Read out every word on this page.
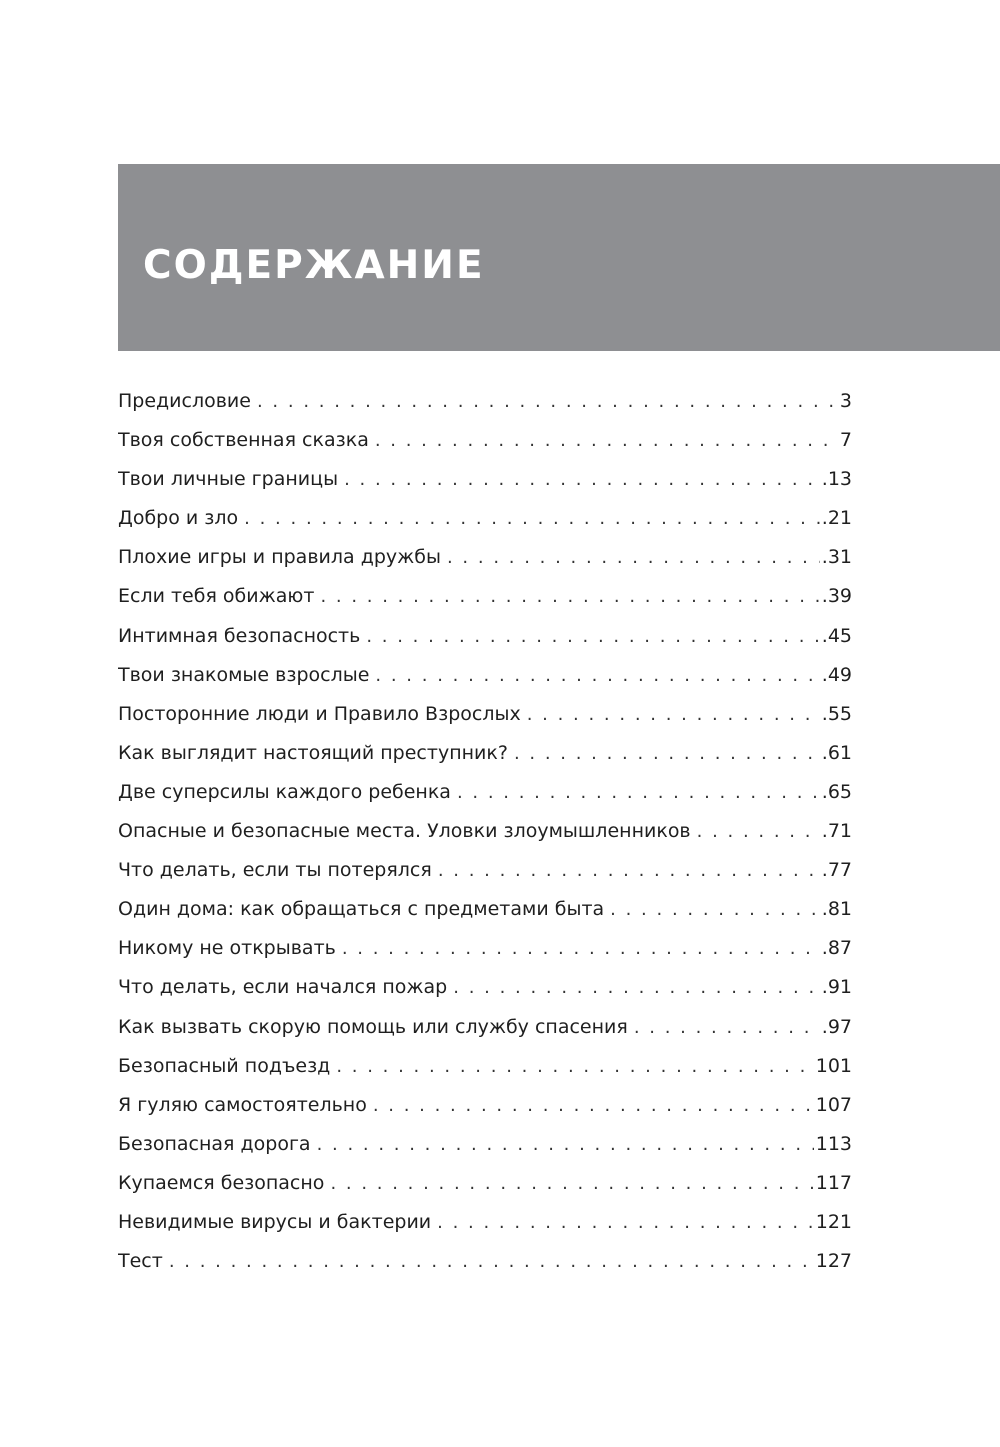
СОДЕРЖАНИЕ
Предисловие . . .	3
Твоя собственная сказка . . .	7
Твои личные границы . . .	.13
Добро и зло . . .	.21
Плохие игры и правила дружбы . . .	.31
Если тебя обижают . . .	.39
Интимная безопасность . . .	.45
Твои знакомые взрослые . . .	.49
Посторонние люди и Правило Взрослых . . .	.55
Как выглядит настоящий преступник? . . .	.61
Две суперсилы каждого ребенка . . .	.65
Опасные и безопасные места. Уловки злоумышленников . . .	.71
Что делать, если ты потерялся . . .	.77
Один дома: как обращаться с предметами быта . . .	.81
Никому не открывать . . .	.87
Что делать, если начался пожар . . .	.91
Как вызвать скорую помощь или службу спасения . . .	.97
Безопасный подъезд . . .	101
Я гуляю самостоятельно . . .	107
Безопасная дорога . . .	113
Купаемся безопасно . . .	117
Невидимые вирусы и бактерии . . .	121
Тест . . .	127
